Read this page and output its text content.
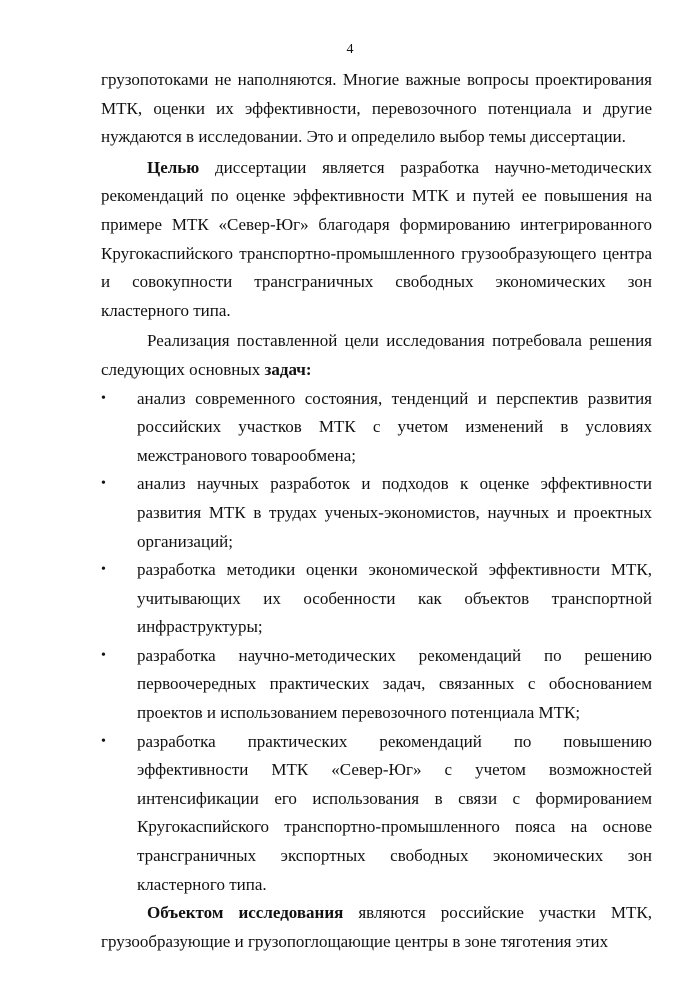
4

грузопотоками не наполняются. Многие важные вопросы проектирования МТК, оценки их эффективности, перевозочного потенциала и другие нуждаются в исследовании. Это и определило выбор темы диссертации.

Целью диссертации является разработка научно-методических рекомендаций по оценке эффективности МТК и путей ее повышения на примере МТК «Север-Юг» благодаря формированию интегрированного Кругокаспийского транспортно-промышленного грузообразующего центра и совокупности трансграничных свободных экономических зон кластерного типа.

Реализация поставленной цели исследования потребовала решения следующих основных задач:

•	анализ современного состояния, тенденций и перспектив развития российских участков МТК с учетом изменений в условиях межстранового товарообмена;
•	анализ научных разработок и подходов к оценке эффективности развития МТК в трудах ученых-экономистов, научных и проектных организаций;
•	разработка методики оценки экономической эффективности МТК, учитывающих их особенности как объектов транспортной инфраструктуры;
•	разработка научно-методических рекомендаций по решению первоочередных практических задач, связанных с обоснованием проектов и использованием перевозочного потенциала МТК;
•	разработка практических рекомендаций по повышению эффективности МТК «Север-Юг» с учетом возможностей интенсификации его использования в связи с формированием Кругокаспийского транспортно-промышленного пояса на основе трансграничных экспортных свободных экономических зон кластерного типа.

Объектом исследования являются российские участки МТК, грузообразующие и грузопоглощающие центры в зоне тяготения этих
